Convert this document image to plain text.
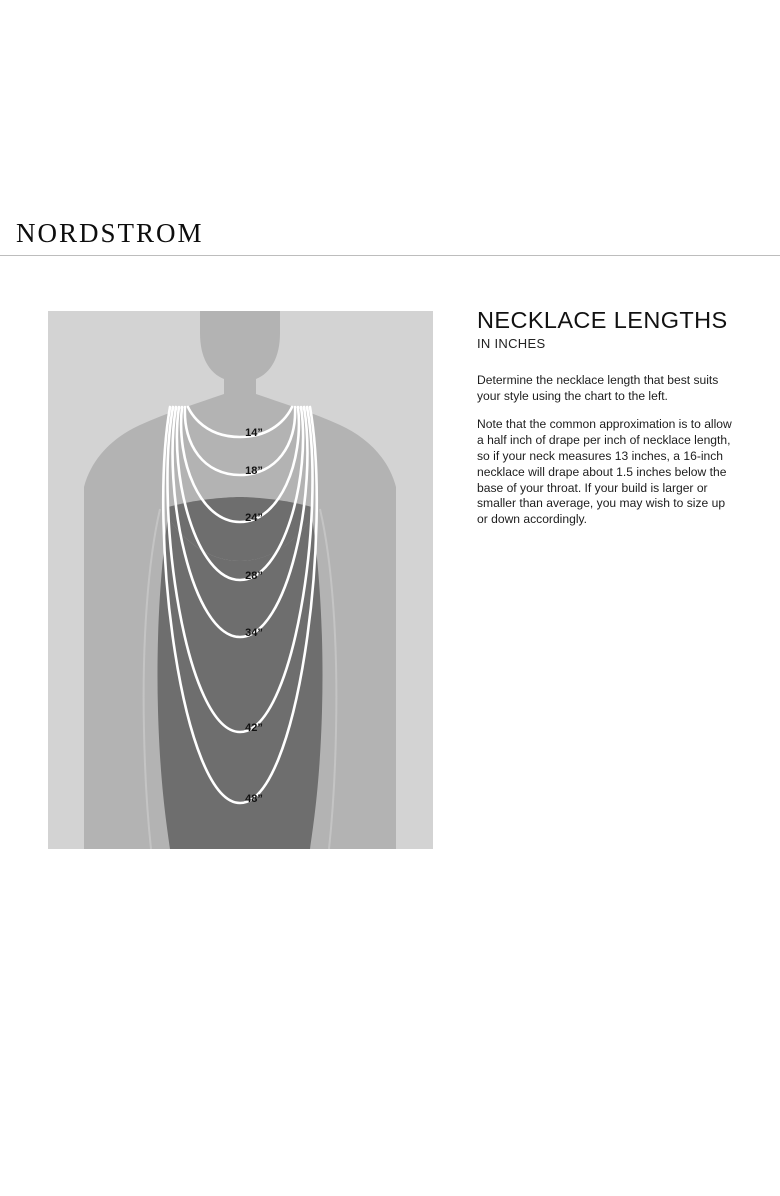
NORDSTROM
14”
18”
24”
28”
34”
42”
48”
NECKLACE LENGTHS
IN INCHES

Determine the necklace length that best suits your style using the chart to the left.

Note that the common approximation is to allow a half inch of drape per inch of necklace length, so if your neck measures 13 inches, a 16-inch necklace will drape about 1.5 inches below the base of your throat. If your build is larger or smaller than average, you may wish to size up or down accordingly.
